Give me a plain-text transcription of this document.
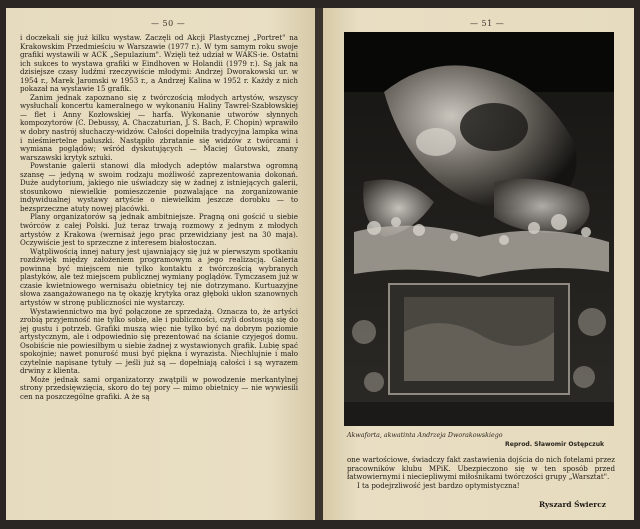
— 50 —

i doczekali się już kilku wystaw. Zaczęli od Akcji Plastycznej „Portret" na Krakowskim Przedmieściu w Warszawie (1977 r.). W tym samym roku swoje grafiki wystawili w ACK „Sepulazium". Wzięli też udział w WAKS-ie. Ostatni ich sukces to wystawa grafiki w Eindhoven w Holandii (1979 r.). Są jak na dzisiejsze czasy ludźmi rzeczywiście młodymi: Andrzej Dworakowski ur. w 1954 r., Marek Jaromski w 1953 r., a Andrzej Kalina w 1952 r. Każdy z nich pokazał na wystawie 15 grafik.

Zanim jednak zapoznano się z twórczością młodych artystów, wszyscy wysłuchali koncertu kameralnego w wykonaniu Haliny Tawrel-Szabłowskiej — flet i Anny Kozłowskiej — harfa. Wykonanie utworów słynnych kompozytorów (C. Debussy, A. Chaczaturian, J. S. Bach, F. Chopin) wprawiło w dobry nastrój słuchaczy-widzów. Całości dopełniła tradycyjna lampka wina i nieśmiertelne paluszki. Nastąpiło zbratanie się widzów z twórcami i wymiana poglądów; wśród dyskutujących — Maciej Gutowski, znany warszawski krytyk sztuki.

Powstanie galerii stanowi dla młodych adeptów malarstwa ogromną szansę — jedyną w swoim rodzaju możliwość zaprezentowania dokonań. Duże audytorium, jakiego nie uświadczy się w żadnej z istniejących galerii, stosunkowo niewielkie pomieszczenie pozwalające na zorganizowanie indywidualnej wystawy artyście o niewielkim jeszcze dorobku — to bezsprzeczne atuty nowej placówki.

Plany organizatorów są jednak ambitniejsze. Pragną oni gościć u siebie twórców z całej Polski. Już teraz trwają rozmowy z jednym z młodych artystów z Krakowa (wernisaż jego prac przewidziany jest na 30 maja). Oczywiście jest to sprzeczne z interesem białostoczan.

Wątpliwością innej natury jest ujawniający się już w pierwszym spotkaniu rozdźwięk między założeniem programowym a jego realizacją. Galeria powinna być miejscem nie tylko kontaktu z twórczością wybranych plastyków, ale też miejscem publicznej wymiany poglądów. Tymczasem już w czasie kwietniowego wernisażu obietnicy tej nie dotrzymano. Kurtuazyjne słowa zaangażowanego na tę okazję krytyka oraz głęboki ukłon szanownych artystów w stronę publiczności nie wystarczy.

Wystawiennictwo ma być połączone ze sprzedażą. Oznacza to, że artyści zrobią przyjemność nie tylko sobie, ale i publiczności, czyli dostosują się do jej gustu i potrzeb. Grafiki muszą więc nie tylko być na dobrym poziomie artystycznym, ale i odpowiednio się prezentować na ścianie czyjegoś domu. Osobiście nie powiesiłbym u siebie żadnej z wystawionych grafik. Lubię spać spokojnie; nawet ponurość musi być piękna i wyrazista. Niechlujnie i mało czytelnie napisane tytuły — jeśli już są — dopełniają całości i są wyrazem drwiny z klienta.

Może jednak sami organizatorzy zwątpili w powodzenie merkantylnej strony przedsięwzięcia, skoro do tej pory — mimo obietnicy — nie wywiesili cen na poszczególne grafiki. A że są

— 51 —
Akwaforta, akwatinta Andrzeja Dworakowskiego
Reprod. Sławomir Ostępczuk

one wartościowe, świadczy fakt zastawienia dojścia do nich fotelami przez pracowników klubu MPiK. Ubezpieczono się w ten sposób przed łatwowiernymi i nieciepliwymi miłośnikami twórczości grupy „Warsztat".

I ta podejrzliwość jest bardzo optymistyczna!

Ryszard Świercz
